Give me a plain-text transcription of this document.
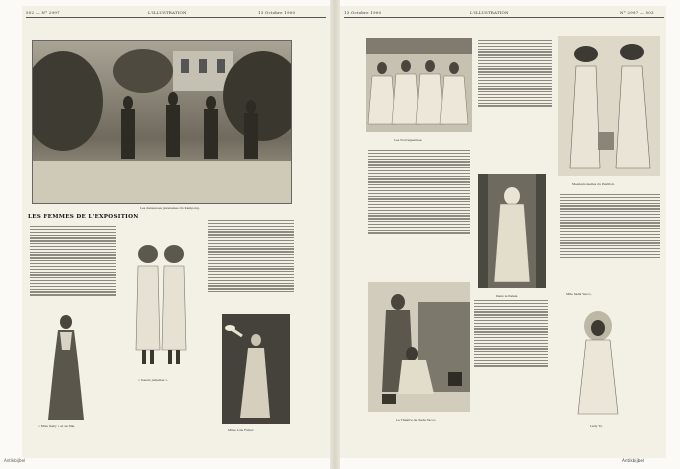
502 — N° 2997	L'ILLUSTRATION	13 Octobre 1900
Les danseuses javanaises du Kampong.
LES FEMMES DE L'EXPOSITION
« Miss Gaby » et sa fille.
« Sœurs jumelles ».
Mme Loïe Fuller.
13 Octobre 1900	L'ILLUSTRATION	N° 2997 — 503
Les Norvégiennes.
Mesdemoiselles du Pavillon.
Dans le Palais.	Mlle Sada Yacco.
Le Théâtre de Sada Yacco.
Lady Ty.
Antikbijbel	Antikbijbel
